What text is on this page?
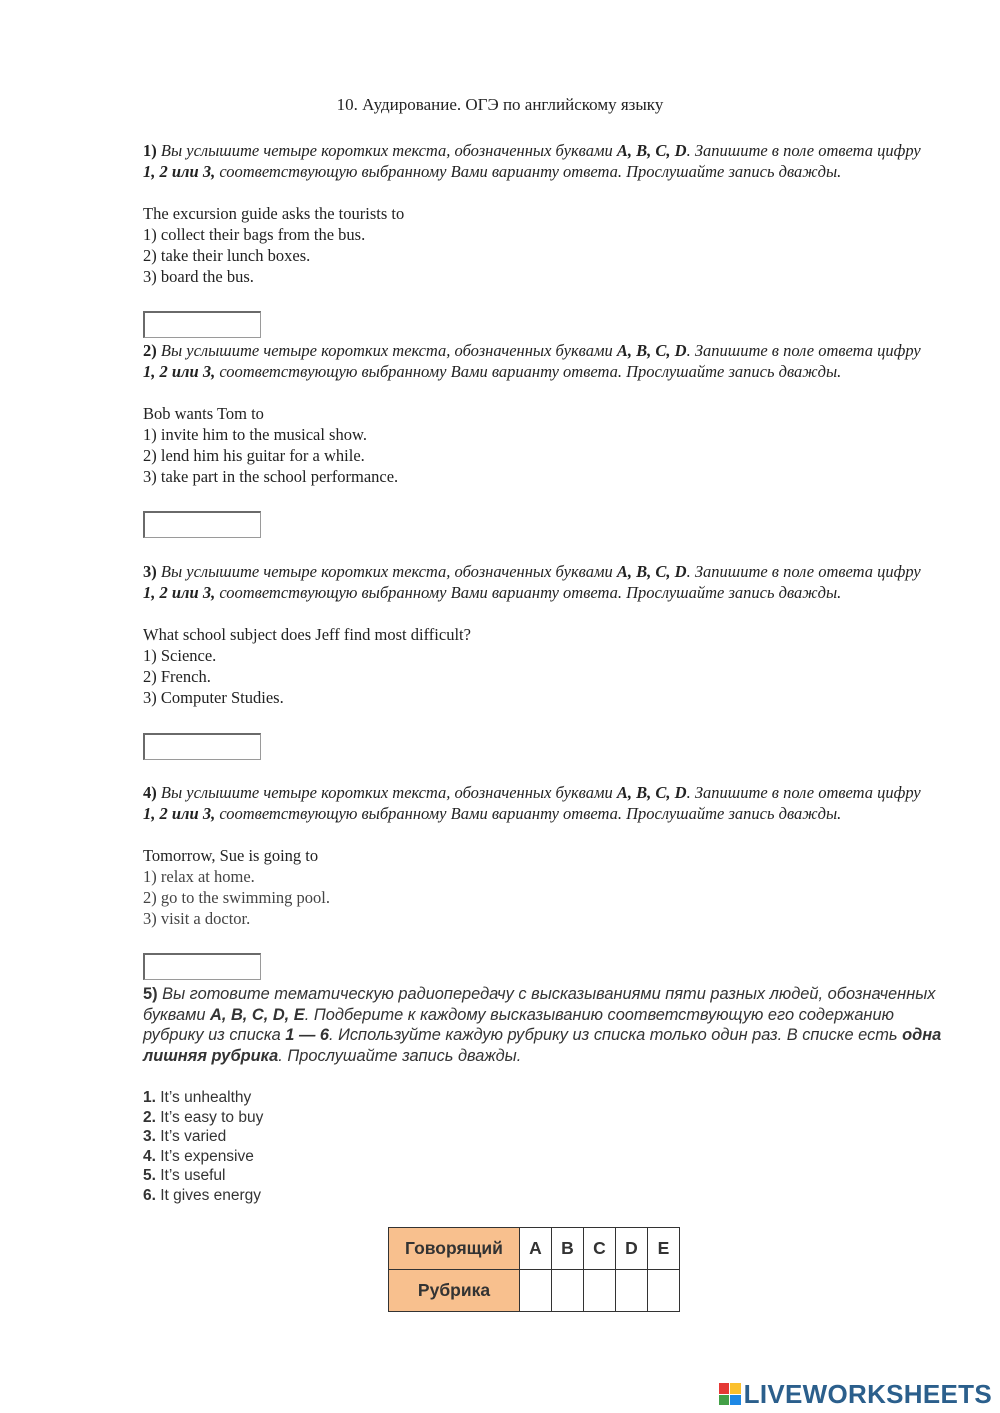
10. Аудирование. ОГЭ по английскому языку
1) Вы услышите четыре коротких текста, обозначенных буквами A, B, C, D. Запишите в поле ответа цифру 1, 2 или 3, соответствующую выбранному Вами варианту ответа. Прослушайте запись дважды.
The excursion guide asks the tourists to
1) collect their bags from the bus.
2) take their lunch boxes.
3) board the bus.
2) Вы услышите четыре коротких текста, обозначенных буквами A, B, C, D. Запишите в поле ответа цифру 1, 2 или 3, соответствующую выбранному Вами варианту ответа. Прослушайте запись дважды.
Bob wants Tom to
1) invite him to the musical show.
2) lend him his guitar for a while.
3) take part in the school performance.
3) Вы услышите четыре коротких текста, обозначенных буквами A, B, C, D. Запишите в поле ответа цифру 1, 2 или 3, соответствующую выбранному Вами варианту ответа. Прослушайте запись дважды.
What school subject does Jeff find most difficult?
1) Science.
2) French.
3) Computer Studies.
4) Вы услышите четыре коротких текста, обозначенных буквами A, B, C, D. Запишите в поле ответа цифру 1, 2 или 3, соответствующую выбранному Вами варианту ответа. Прослушайте запись дважды.
Tomorrow, Sue is going to
1) relax at home.
2) go to the swimming pool.
3) visit a doctor.
5) Вы готовите тематическую радиопередачу с высказываниями пяти разных людей, обозначенных буквами A, B, C, D, E. Подберите к каждому высказыванию соответствующую его содержанию рубрику из списка 1 — 6. Используйте каждую рубрику из списка только один раз. В списке есть одна лишняя рубрика. Прослушайте запись дважды.
1. It’s unhealthy
2. It’s easy to buy
3. It’s varied
4. It’s expensive
5. It’s useful
6. It gives energy
Говорящий	A	B	C	D	E
Рубрика					
LIVEWORKSHEETS
